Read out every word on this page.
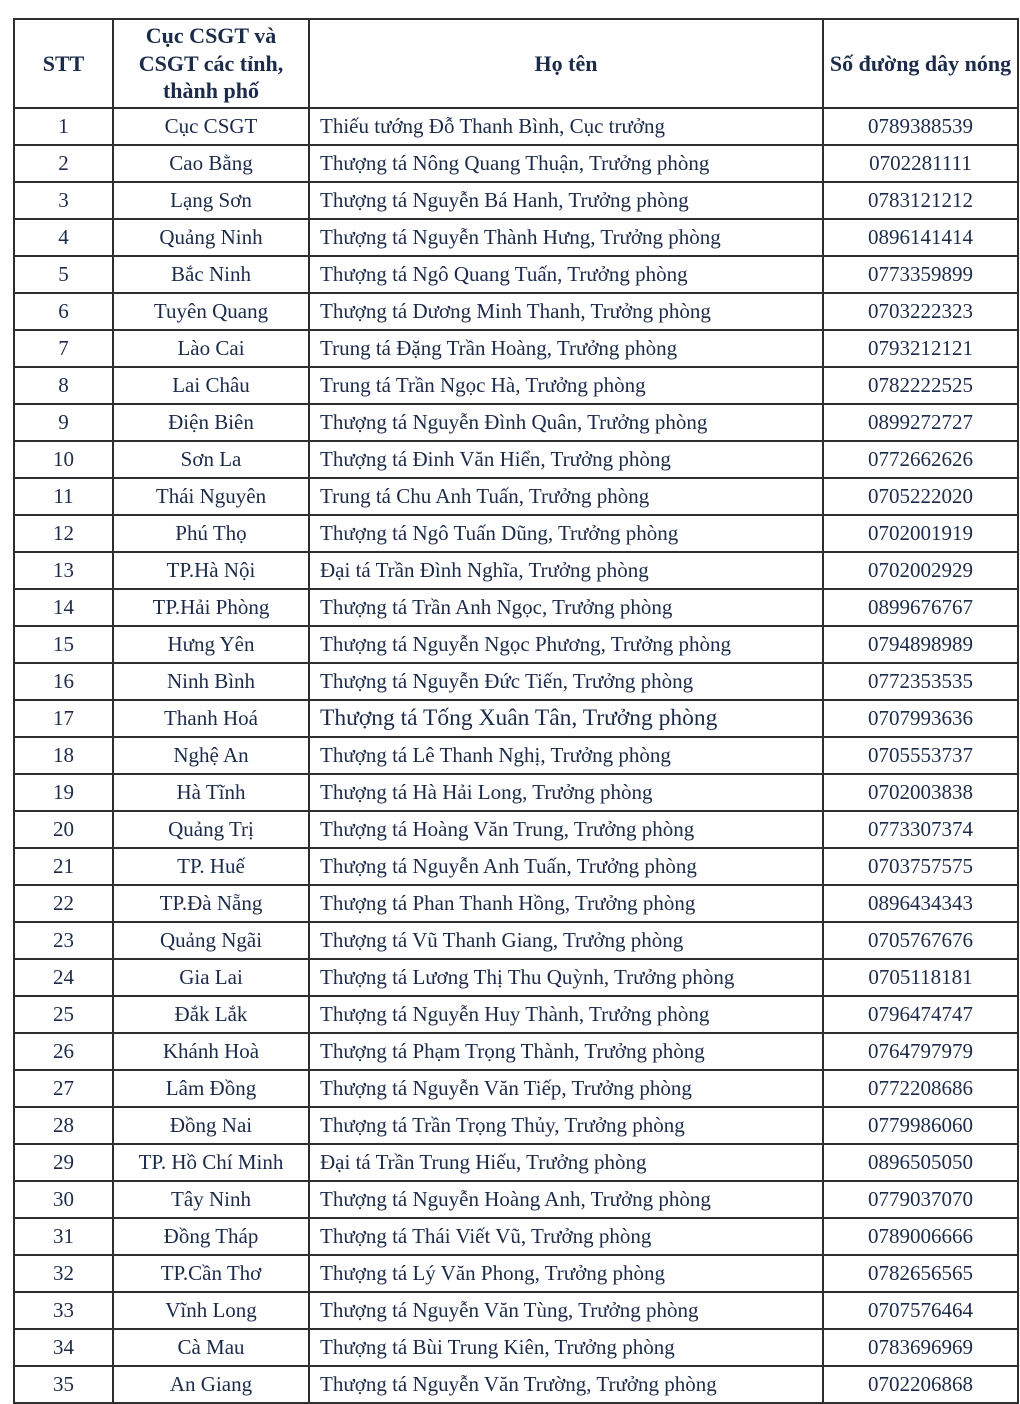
STT	Cục CSGT và CSGT các tỉnh, thành phố	Họ tên	Số đường dây nóng
1	Cục CSGT	Thiếu tướng Đỗ Thanh Bình, Cục trưởng	0789388539
2	Cao Bằng	Thượng tá Nông Quang Thuận, Trưởng phòng	0702281111
3	Lạng Sơn	Thượng tá Nguyễn Bá Hanh, Trưởng phòng	0783121212
4	Quảng Ninh	Thượng tá Nguyễn Thành Hưng, Trưởng phòng	0896141414
5	Bắc Ninh	Thượng tá Ngô Quang Tuấn, Trưởng phòng	0773359899
6	Tuyên Quang	Thượng tá Dương Minh Thanh, Trưởng phòng	0703222323
7	Lào Cai	Trung tá Đặng Trần Hoàng, Trưởng phòng	0793212121
8	Lai Châu	Trung tá Trần Ngọc Hà, Trưởng phòng	0782222525
9	Điện Biên	Thượng tá Nguyễn Đình Quân, Trưởng phòng	0899272727
10	Sơn La	Thượng tá Đinh Văn Hiển, Trưởng phòng	0772662626
11	Thái Nguyên	Trung tá Chu Anh Tuấn, Trưởng phòng	0705222020
12	Phú Thọ	Thượng tá Ngô Tuấn Dũng, Trưởng phòng	0702001919
13	TP.Hà Nội	Đại tá Trần Đình Nghĩa, Trưởng phòng	0702002929
14	TP.Hải Phòng	Thượng tá Trần Anh Ngọc, Trưởng phòng	0899676767
15	Hưng Yên	Thượng tá Nguyễn Ngọc Phương, Trưởng phòng	0794898989
16	Ninh Bình	Thượng tá Nguyễn Đức Tiến, Trưởng phòng	0772353535
17	Thanh Hoá	Thượng tá Tống Xuân Tân, Trưởng phòng	0707993636
18	Nghệ An	Thượng tá Lê Thanh Nghị, Trưởng phòng	0705553737
19	Hà Tĩnh	Thượng tá Hà Hải Long, Trưởng phòng	0702003838
20	Quảng Trị	Thượng tá Hoàng Văn Trung, Trưởng phòng	0773307374
21	TP. Huế	Thượng tá Nguyễn Anh Tuấn, Trưởng phòng	0703757575
22	TP.Đà Nẵng	Thượng tá Phan Thanh Hồng, Trưởng phòng	0896434343
23	Quảng Ngãi	Thượng tá Vũ Thanh Giang, Trưởng phòng	0705767676
24	Gia Lai	Thượng tá Lương Thị Thu Quỳnh, Trưởng phòng	0705118181
25	Đắk Lắk	Thượng tá Nguyễn Huy Thành, Trưởng phòng	0796474747
26	Khánh Hoà	Thượng tá Phạm Trọng Thành, Trưởng phòng	0764797979
27	Lâm Đồng	Thượng tá Nguyễn Văn Tiếp, Trưởng phòng	0772208686
28	Đồng Nai	Thượng tá Trần Trọng Thủy, Trưởng phòng	0779986060
29	TP. Hồ Chí Minh	Đại tá Trần Trung Hiếu, Trưởng phòng	0896505050
30	Tây Ninh	Thượng tá Nguyễn Hoàng Anh, Trưởng phòng	0779037070
31	Đồng Tháp	Thượng tá Thái Viết Vũ, Trưởng phòng	0789006666
32	TP.Cần Thơ	Thượng tá Lý Văn Phong, Trưởng phòng	0782656565
33	Vĩnh Long	Thượng tá Nguyễn Văn Tùng, Trưởng phòng	0707576464
34	Cà Mau	Thượng tá Bùi Trung Kiên, Trưởng phòng	0783696969
35	An Giang	Thượng tá Nguyễn Văn Trường, Trưởng phòng	0702206868
